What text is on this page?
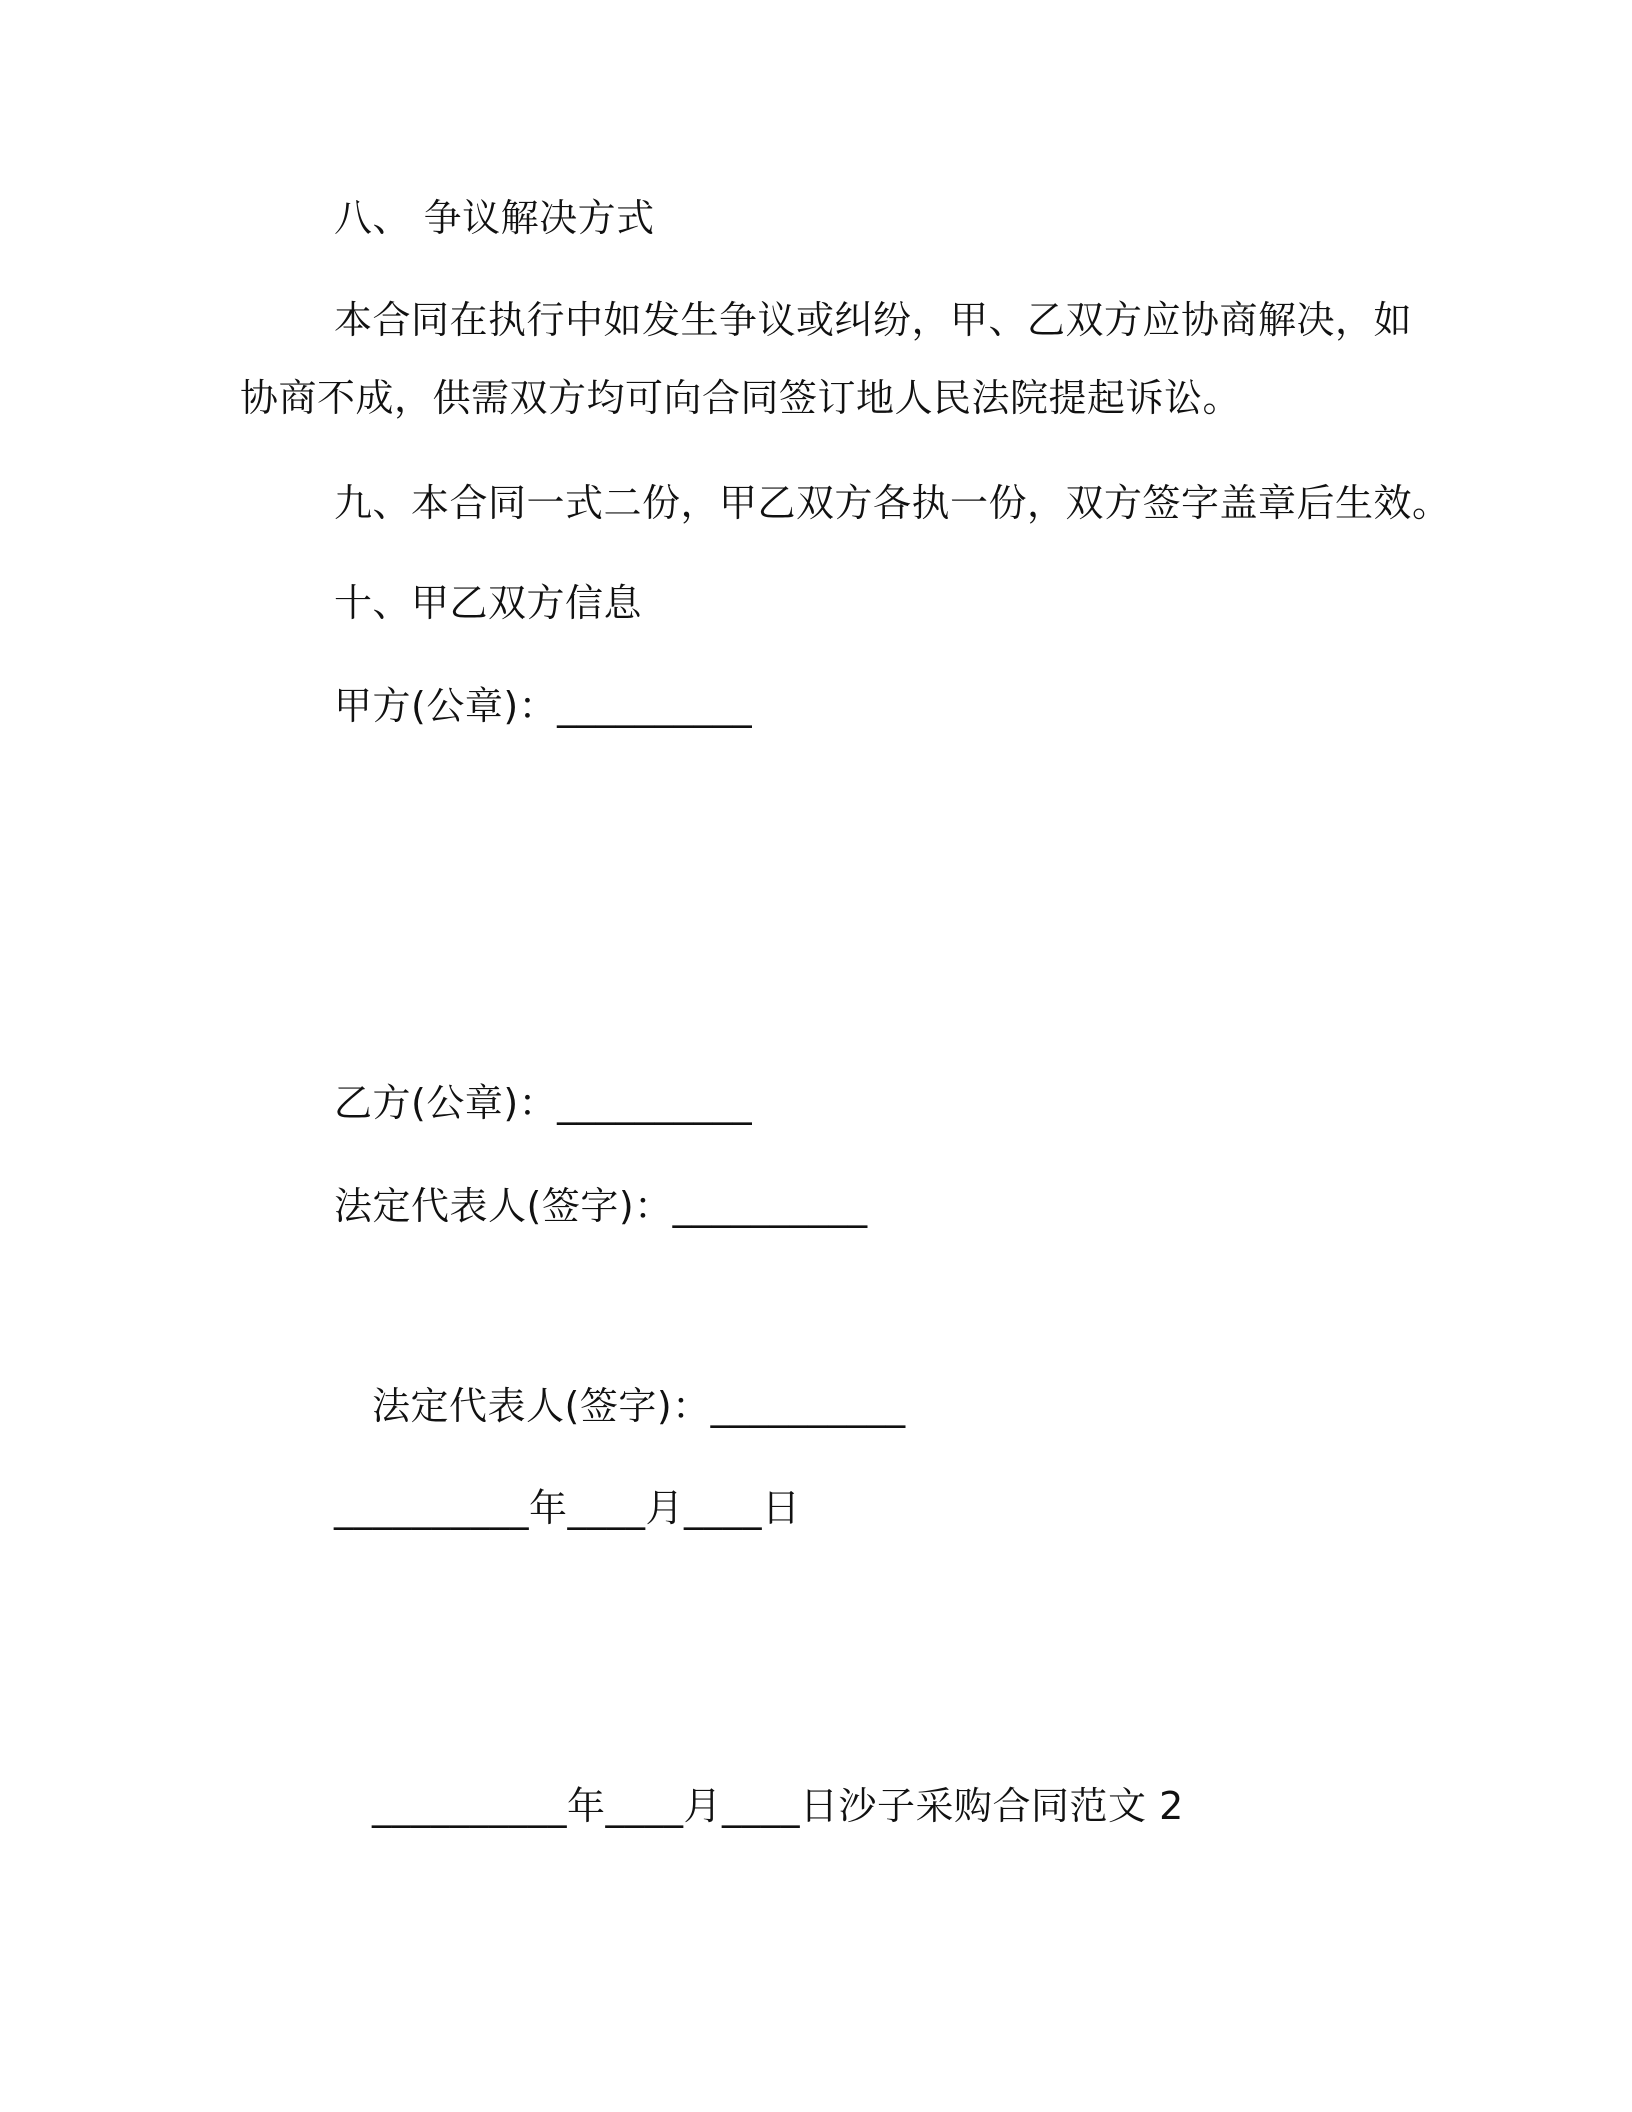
八、 争议解决方式
本合同在执行中如发生争议或纠纷，甲、乙双方应协商解决，如
协商不成，供需双方均可向合同签订地人民法院提起诉讼。
九、本合同一式二份，甲乙双方各执一份，双方签字盖章后生效。
十、甲乙双方信息
甲方(公章)：__________
乙方(公章)：__________
法定代表人(签字)：__________
法定代表人(签字)：__________
__________年____月____日
__________年____月____日沙子采购合同范文 2
